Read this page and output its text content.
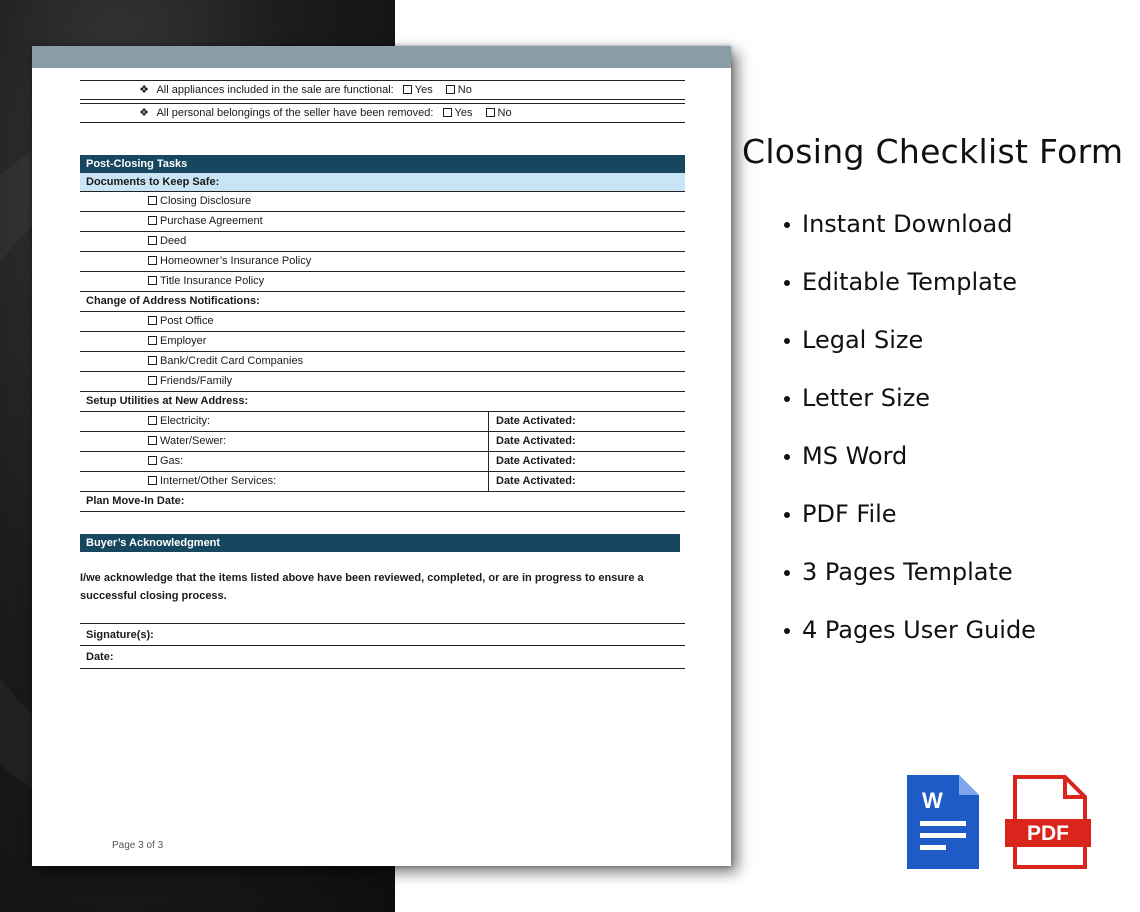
❖ All appliances included in the sale are functional: Yes No
❖ All personal belongings of the seller have been removed: Yes No
Post-Closing Tasks
Documents to Keep Safe:
Closing Disclosure
Purchase Agreement
Deed
Homeowner’s Insurance Policy
Title Insurance Policy
Change of Address Notifications:
Post Office
Employer
Bank/Credit Card Companies
Friends/Family
Setup Utilities at New Address:
Electricity:	Date Activated:
Water/Sewer:	Date Activated:
Gas:	Date Activated:
Internet/Other Services:	Date Activated:
Plan Move-In Date:
Buyer’s Acknowledgment

I/we acknowledge that the items listed above have been reviewed, completed, or are in progress to ensure a successful closing process.

Signature(s):
Date:
Page 3 of 3
Closing Checklist Form
Instant Download
Editable Template
Legal Size
Letter Size
MS Word
PDF File
3 Pages Template
4 Pages User Guide
W
PDF
